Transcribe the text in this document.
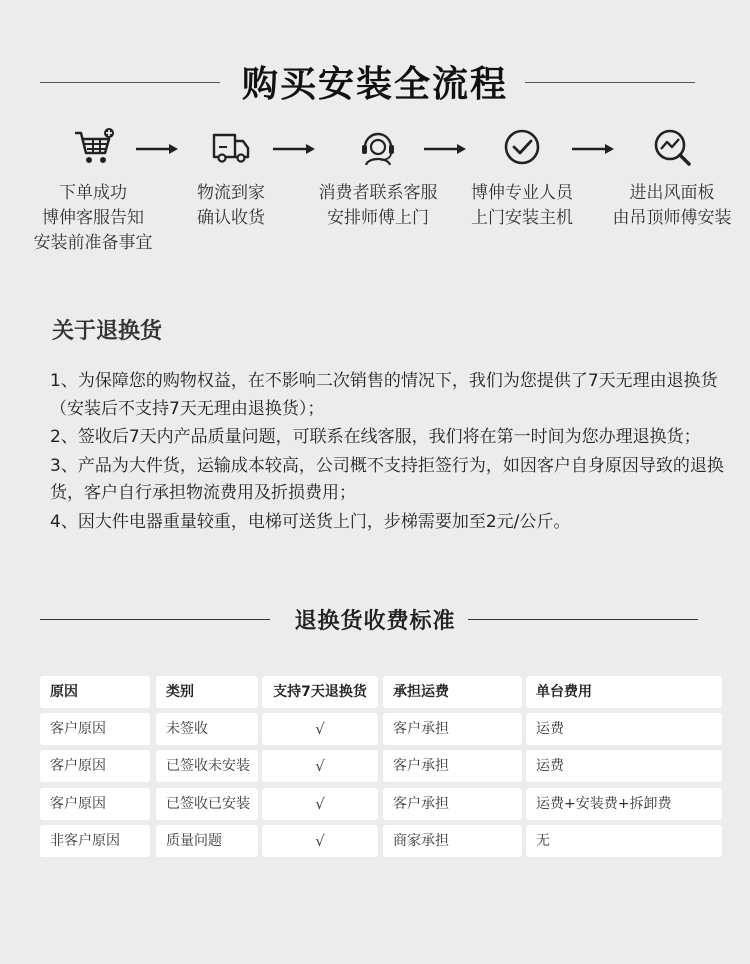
购买安装全流程
下单成功
博伸客服告知
安装前准备事宜
物流到家
确认收货
消费者联系客服
安排师傅上门
博伸专业人员
上门安装主机
进出风面板
由吊顶师傅安装
关于退换货

1、为保障您的购物权益，在不影响二次销售的情况下，我们为您提供了7天无理由退换货（安装后不支持7天无理由退换货）；

2、签收后7天内产品质量问题，可联系在线客服，我们将在第一时间为您办理退换货；

3、产品为大件货，运输成本较高，公司概不支持拒签行为，如因客户自身原因导致的退换货，客户自行承担物流费用及折损费用；

4、因大件电器重量较重，电梯可送货上门，步梯需要加至2元/公斤。

退换货收费标准
原因	类别	支持7天退换货	承担运费	单台费用
客户原因	未签收	√	客户承担	运费
客户原因	已签收未安装	√	客户承担	运费
客户原因	已签收已安装	√	客户承担	运费+安装费+拆卸费
非客户原因	质量问题	√	商家承担	无
